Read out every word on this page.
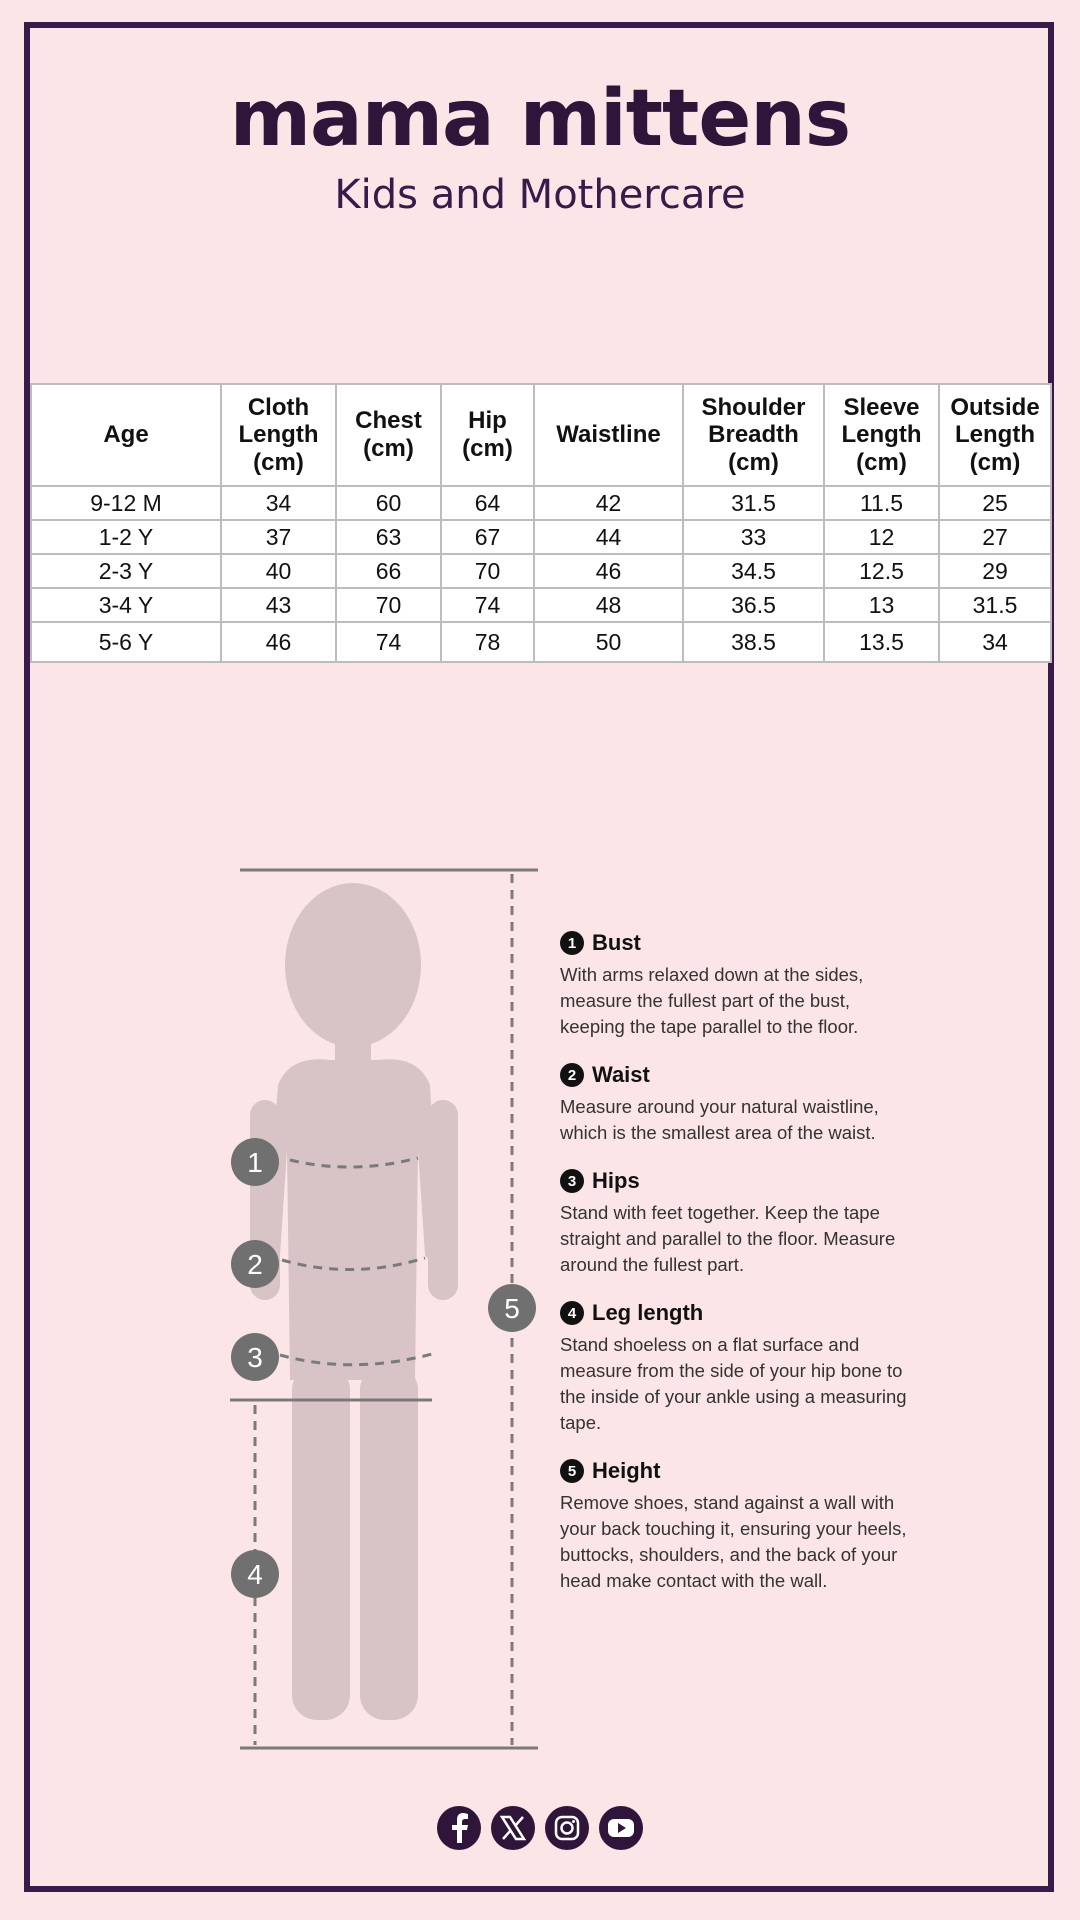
mama mittens
Kids and Mothercare
Age	Cloth Length (cm)	Chest (cm)	Hip (cm)	Waistline	Shoulder Breadth (cm)	Sleeve Length (cm)	Outside Length (cm)
9-12 M	34	60	64	42	31.5	11.5	25
1-2 Y	37	63	67	44	33	12	27
2-3 Y	40	66	70	46	34.5	12.5	29
3-4 Y	43	70	74	48	36.5	13	31.5
5-6 Y	46	74	78	50	38.5	13.5	34
1
2
3
4
5
1 Bust
With arms relaxed down at the sides, measure the fullest part of the bust, keeping the tape parallel to the floor.
2 Waist
Measure around your natural waistline, which is the smallest area of the waist.
3 Hips
Stand with feet together. Keep the tape straight and parallel to the floor. Measure around the fullest part.
4 Leg length
Stand shoeless on a flat surface and measure from the side of your hip bone to the inside of your ankle using a measuring tape.
5 Height
Remove shoes, stand against a wall with your back touching it, ensuring your heels, buttocks, shoulders, and the back of your head make contact with the wall.
